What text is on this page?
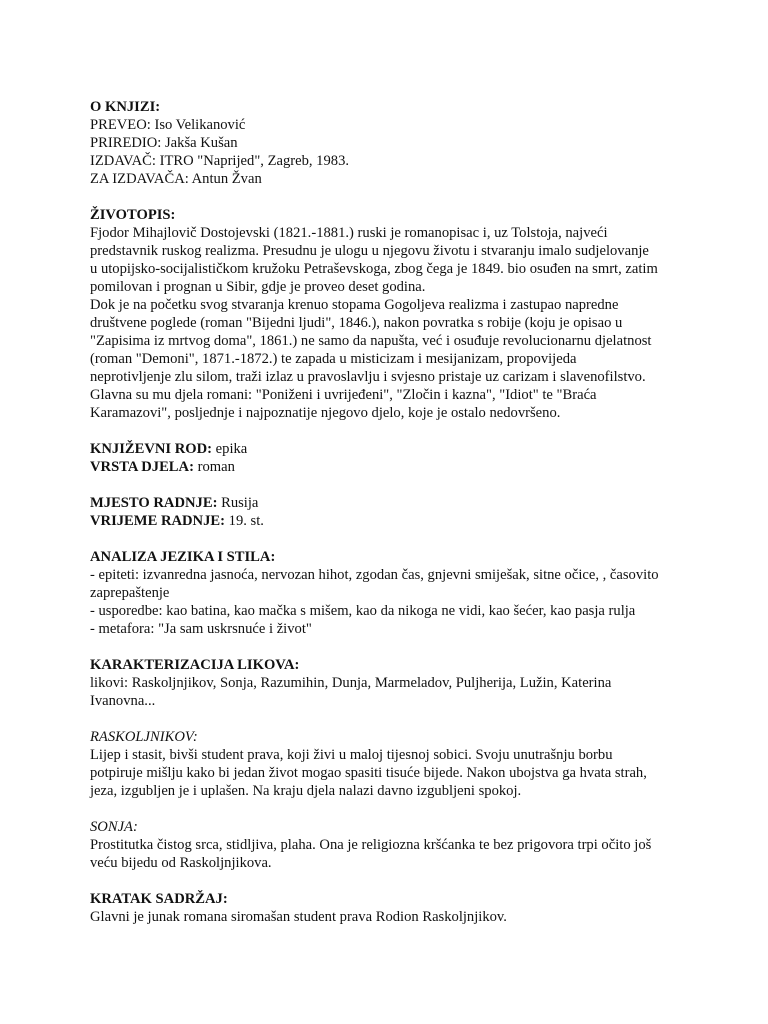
O KNJIZI:
PREVEO: Iso Velikanović
PRIREDIO: Jakša Kušan
IZDAVAČ: ITRO "Naprijed", Zagreb, 1983.
ZA IZDAVAČA: Antun Žvan
ŽIVOTOPIS:
Fjodor Mihajlovič Dostojevski (1821.-1881.) ruski je romanopisac i, uz Tolstoja, najveći
predstavnik ruskog realizma. Presudnu je ulogu u njegovu životu i stvaranju imalo sudjelovanje
u utopijsko-socijalističkom kružoku Petraševskoga, zbog čega je 1849. bio osuđen na smrt, zatim
pomilovan i prognan u Sibir, gdje je proveo deset godina.
Dok je na početku svog stvaranja krenuo stopama Gogoljeva realizma i zastupao napredne
društvene poglede (roman "Bijedni ljudi", 1846.), nakon povratka s robije (koju je opisao u
"Zapisima iz mrtvog doma", 1861.) ne samo da napušta, već i osuđuje revolucionarnu djelatnost
(roman "Demoni", 1871.-1872.) te zapada u misticizam i mesijanizam, propovijeda
neprotivljenje zlu silom, traži izlaz u pravoslavlju i svjesno pristaje uz carizam i slavenofilstvo.
Glavna su mu djela romani: "Poniženi i uvrijeđeni", "Zločin i kazna", "Idiot" te "Braća
Karamazovi", posljednje i najpoznatije njegovo djelo, koje je ostalo nedovršeno.
KNJIŽEVNI ROD: epika
VRSTA DJELA: roman
MJESTO RADNJE: Rusija
VRIJEME RADNJE: 19. st.
ANALIZA JEZIKA I STILA:
- epiteti: izvanredna jasnoća, nervozan hihot, zgodan čas, gnjevni smiješak, sitne očice, , časovito
zaprepaštenje
- usporedbe: kao batina, kao mačka s mišem, kao da nikoga ne vidi, kao šećer, kao pasja rulja
- metafora: "Ja sam uskrsnuće i život"
KARAKTERIZACIJA LIKOVA:
likovi: Raskoljnjikov, Sonja, Razumihin, Dunja, Marmeladov, Puljherija, Lužin, Katerina
Ivanovna...
RASKOLJNIKOV:
Lijep i stasit, bivši student prava, koji živi u maloj tijesnoj sobici. Svoju unutrašnju borbu
potpiruje mišlju kako bi jedan život mogao spasiti tisuće bijede. Nakon ubojstva ga hvata strah,
jeza, izgubljen je i uplašen. Na kraju djela nalazi davno izgubljeni spokoj.
SONJA:
Prostitutka čistog srca, stidljiva, plaha. Ona je religiozna kršćanka te bez prigovora trpi očito još
veću bijedu od Raskoljnjikova.
KRATAK SADRŽAJ:
Glavni je junak romana siromašan student prava Rodion Raskoljnjikov.
